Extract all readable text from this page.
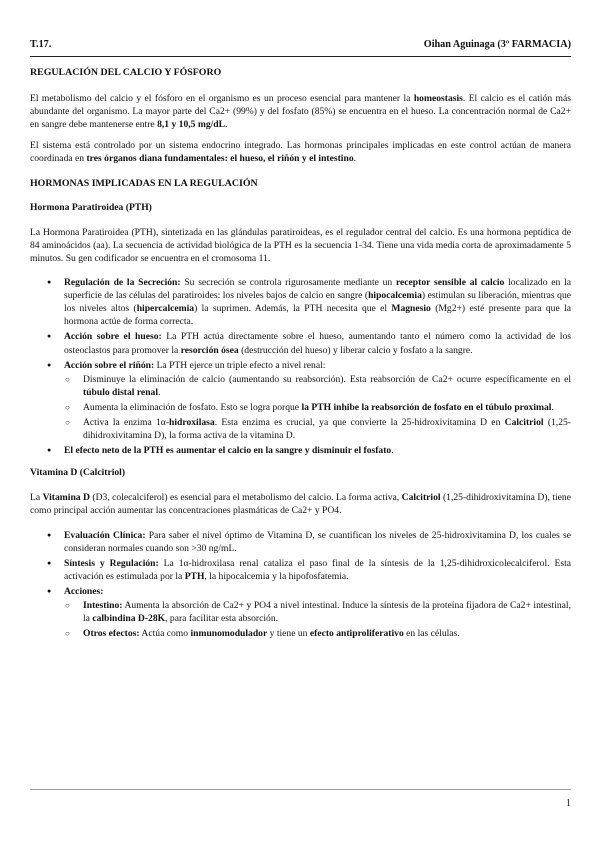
T.17.	Oihan Aguinaga (3º FARMACIA)

REGULACIÓN DEL CALCIO Y FÓSFORO

El metabolismo del calcio y el fósforo en el organismo es un proceso esencial para mantener la homeostasis. El calcio es el catión más abundante del organismo. La mayor parte del Ca2+ (99%) y del fosfato (85%) se encuentra en el hueso. La concentración normal de Ca2+ en sangre debe mantenerse entre 8,1 y 10,5 mg/dL.

El sistema está controlado por un sistema endocrino integrado. Las hormonas principales implicadas en este control actúan de manera coordinada en tres órganos diana fundamentales: el hueso, el riñón y el intestino.

HORMONAS IMPLICADAS EN LA REGULACIÓN

Hormona Paratiroidea (PTH)

La Hormona Paratiroidea (PTH), sintetizada en las glándulas paratiroideas, es el regulador central del calcio. Es una hormona peptídica de 84 aminoácidos (aa). La secuencia de actividad biológica de la PTH es la secuencia 1-34. Tiene una vida media corta de aproximadamente 5 minutos. Su gen codificador se encuentra en el cromosoma 11.

● Regulación de la Secreción: Su secreción se controla rigurosamente mediante un receptor sensible al calcio localizado en la superficie de las células del paratiroides: los niveles bajos de calcio en sangre (hipocalcemia) estimulan su liberación, mientras que los niveles altos (hipercalcemia) la suprimen. Además, la PTH necesita que el Magnesio (Mg2+) esté presente para que la hormona actúe de forma correcta.
● Acción sobre el hueso: La PTH actúa directamente sobre el hueso, aumentando tanto el número como la actividad de los osteoclastos para promover la resorción ósea (destrucción del hueso) y liberar calcio y fosfato a la sangre.
● Acción sobre el riñón: La PTH ejerce un triple efecto a nivel renal:
○ Disminuye la eliminación de calcio (aumentando su reabsorción). Esta reabsorción de Ca2+ ocurre específicamente en el túbulo distal renal.
○ Aumenta la eliminación de fosfato. Esto se logra porque la PTH inhibe la reabsorción de fosfato en el túbulo proximal.
○ Activa la enzima 1α-hidroxilasa. Esta enzima es crucial, ya que convierte la 25-hidroxivitamina D en Calcitriol (1,25-dihidroxivitamina D), la forma activa de la vitamina D.
● El efecto neto de la PTH es aumentar el calcio en la sangre y disminuir el fosfato.

Vitamina D (Calcitriol)

La Vitamina D (D3, colecalciferol) es esencial para el metabolismo del calcio. La forma activa, Calcitriol (1,25-dihidroxivitamina D), tiene como principal acción aumentar las concentraciones plasmáticas de Ca2+ y PO4.

● Evaluación Clínica: Para saber el nivel óptimo de Vitamina D, se cuantifican los niveles de 25-hidroxivitamina D, los cuales se consideran normales cuando son >30 ng/mL.
● Síntesis y Regulación: La 1α-hidroxilasa renal cataliza el paso final de la síntesis de la 1,25-dihidroxicolecalciferol. Esta activación es estimulada por la PTH, la hipocalcemia y la hipofosfatemia.
● Acciones:
○ Intestino: Aumenta la absorción de Ca2+ y PO4 a nivel intestinal. Induce la síntesis de la proteína fijadora de Ca2+ intestinal, la calbindina D-28K, para facilitar esta absorción.
○ Otros efectos: Actúa como inmunomodulador y tiene un efecto antiproliferativo en las células.
1
